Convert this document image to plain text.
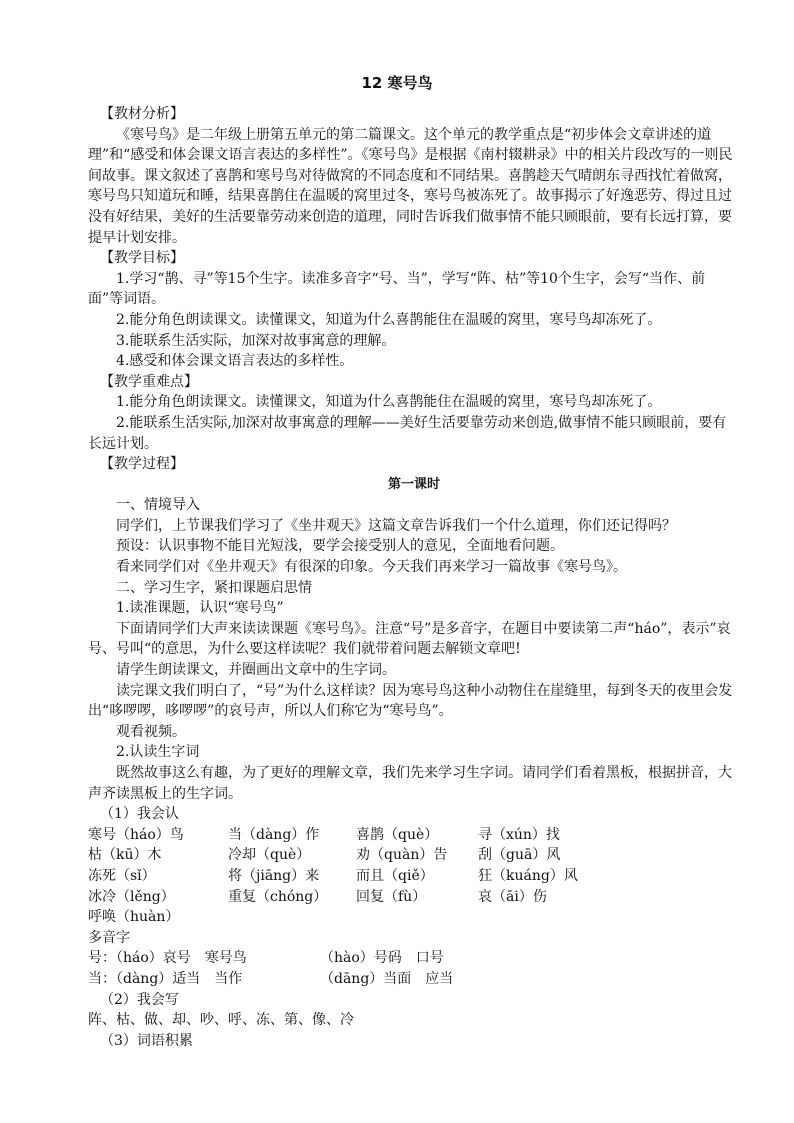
12 寒号鸟

【教材分析】

《寒号鸟》是二年级上册第五单元的第二篇课文。这个单元的教学重点是“初步体会文章讲述的道理”和“感受和体会课文语言表达的多样性”。《寒号鸟》是根据《南村辍耕录》中的相关片段改写的一则民间故事。课文叙述了喜鹊和寒号鸟对待做窝的不同态度和不同结果。喜鹊趁天气晴朗东寻西找忙着做窝，寒号鸟只知道玩和睡，结果喜鹊住在温暖的窝里过冬，寒号鸟被冻死了。故事揭示了好逸恶劳、得过且过没有好结果，美好的生活要靠劳动来创造的道理，同时告诉我们做事情不能只顾眼前，要有长远打算，要提早计划安排。

【教学目标】

1.学习“鹊、寻”等15个生字。读准多音字“号、当”，学写“阵、枯”等10个生字，会写“当作、前面”等词语。

2.能分角色朗读课文。读懂课文，知道为什么喜鹊能住在温暖的窝里，寒号鸟却冻死了。

3.能联系生活实际，加深对故事寓意的理解。

4.感受和体会课文语言表达的多样性。

【教学重难点】

1.能分角色朗读课文。读懂课文，知道为什么喜鹊能住在温暖的窝里，寒号鸟却冻死了。

2.能联系生活实际,加深对故事寓意的理解——美好生活要靠劳动来创造,做事情不能只顾眼前，要有长远计划。

【教学过程】

第一课时

一、情境导入

同学们，上节课我们学习了《坐井观天》这篇文章告诉我们一个什么道理，你们还记得吗？

预设：认识事物不能目光短浅，要学会接受别人的意见，全面地看问题。

看来同学们对《坐井观天》有很深的印象。今天我们再来学习一篇故事《寒号鸟》。

二、学习生字，紧扣课题启思情

1.读准课题，认识“寒号鸟”

下面请同学们大声来读读课题《寒号鸟》。注意“号”是多音字，在题目中要读第二声“háo”，表示”哀号、号叫“的意思，为什么要这样读呢？我们就带着问题去解锁文章吧!

请学生朗读课文，并圈画出文章中的生字词。

读完课文我们明白了，“号”为什么这样读？因为寒号鸟这种小动物住在崖缝里，每到冬天的夜里会发出“哆啰啰，哆啰啰”的哀号声，所以人们称它为“寒号鸟”。

观看视频。

2.认读生字词

既然故事这么有趣，为了更好的理解文章，我们先来学习生字词。请同学们看着黑板，根据拼音，大声齐读黑板上的生字词。

（1）我会认

寒号（háo）鸟	当（dàng）作	喜鹊（què）	寻（xún）找
枯（kū）木	冷却（què）	劝（quàn）告	刮（guā）风
冻死（sǐ）	将（jiāng）来	而且（qiě）	狂（kuáng）风
冰冷（lěng）	重复（chóng）	回复（fù）	哀（āi）伤
呼唤（huàn）

多音字

号：（háo）哀号　寒号鸟	（hào）号码　口号
当：（dàng）适当　当作	（dāng）当面　应当

（2）我会写

阵、枯、做、却、吵、呼、冻、第、像、冷

（3）词语积累
